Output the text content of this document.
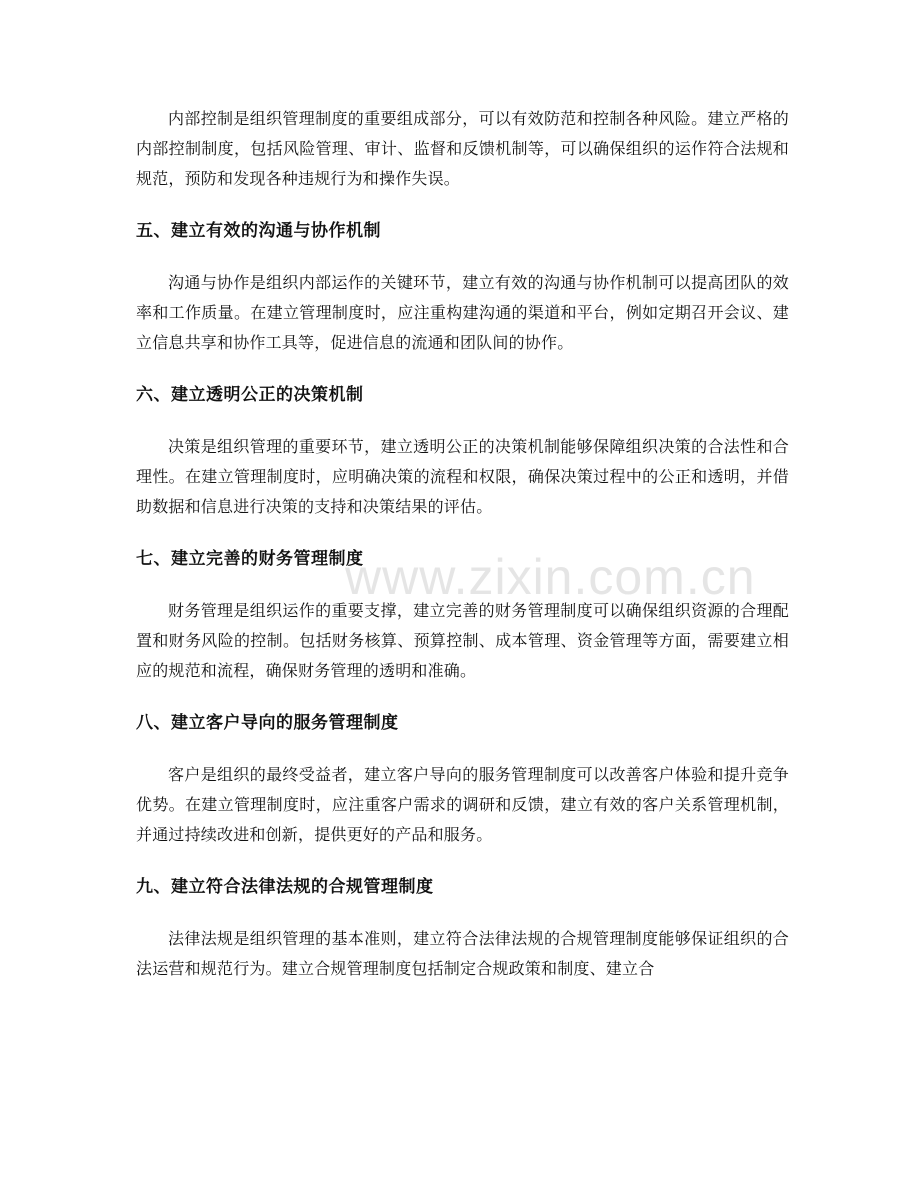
内部控制是组织管理制度的重要组成部分，可以有效防范和控制各种风险。建立严格的内部控制制度，包括风险管理、审计、监督和反馈机制等，可以确保组织的运作符合法规和规范，预防和发现各种违规行为和操作失误。

五、建立有效的沟通与协作机制

沟通与协作是组织内部运作的关键环节，建立有效的沟通与协作机制可以提高团队的效率和工作质量。在建立管理制度时，应注重构建沟通的渠道和平台，例如定期召开会议、建立信息共享和协作工具等，促进信息的流通和团队间的协作。

六、建立透明公正的决策机制

决策是组织管理的重要环节，建立透明公正的决策机制能够保障组织决策的合法性和合理性。在建立管理制度时，应明确决策的流程和权限，确保决策过程中的公正和透明，并借助数据和信息进行决策的支持和决策结果的评估。

七、建立完善的财务管理制度

财务管理是组织运作的重要支撑，建立完善的财务管理制度可以确保组织资源的合理配置和财务风险的控制。包括财务核算、预算控制、成本管理、资金管理等方面，需要建立相应的规范和流程，确保财务管理的透明和准确。

八、建立客户导向的服务管理制度

客户是组织的最终受益者，建立客户导向的服务管理制度可以改善客户体验和提升竞争优势。在建立管理制度时，应注重客户需求的调研和反馈，建立有效的客户关系管理机制，并通过持续改进和创新，提供更好的产品和服务。

九、建立符合法律法规的合规管理制度

法律法规是组织管理的基本准则，建立符合法律法规的合规管理制度能够保证组织的合法运营和规范行为。建立合规管理制度包括制定合规政策和制度、建立合

www.zixin.com.cn
